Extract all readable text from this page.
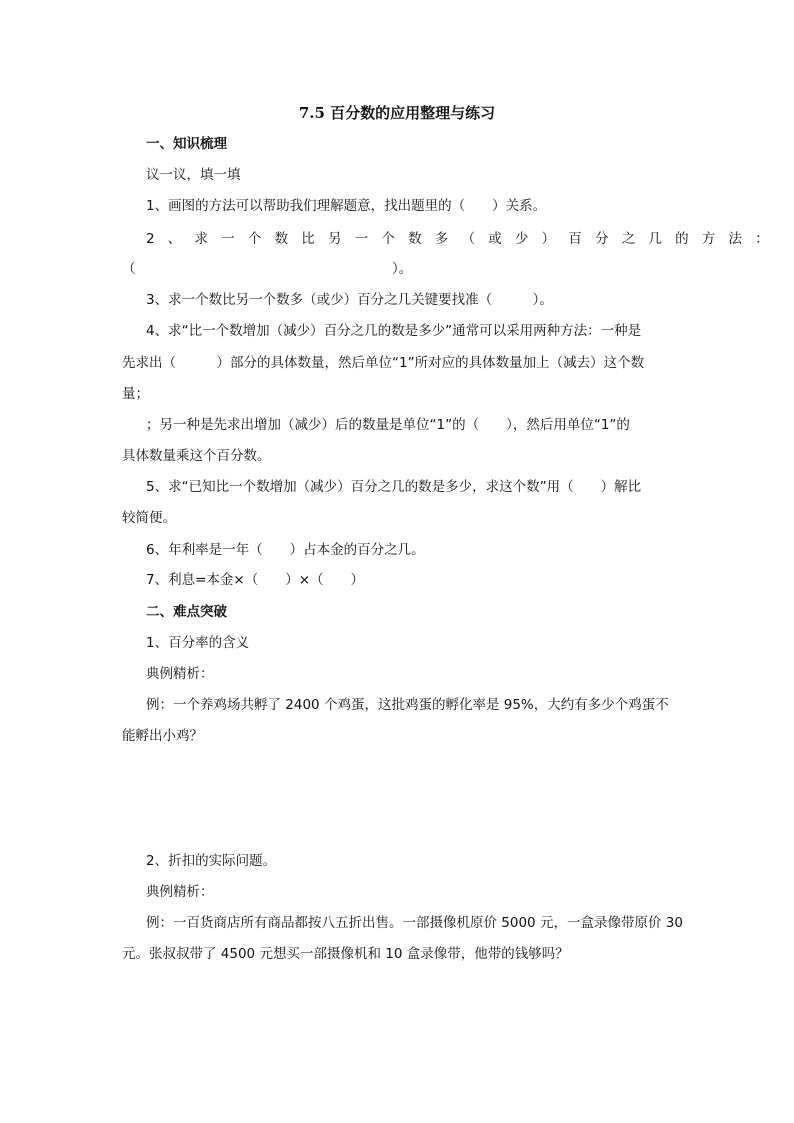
7.5 百分数的应用整理与练习
一、知识梳理
议一议，填一填
1、画图的方法可以帮助我们理解题意，找出题里的（　　）关系。
2、求一个数比另一个数多（或少）百分之几的方法：
（　　　　　　　　　　　　　　　　　　　）。
3、求一个数比另一个数多（或少）百分之几关键要找准（　　　）。
4、求“比一个数增加（减少）百分之几的数是多少”通常可以采用两种方法：一种是
先求出（　　　）部分的具体数量，然后单位“1”所对应的具体数量加上（减去）这个数
量；
；另一种是先求出增加（减少）后的数量是单位“1”的（　　），然后用单位“1”的
具体数量乘这个百分数。
5、求“已知比一个数增加（减少）百分之几的数是多少，求这个数”用（　　）解比
较简便。
6、年利率是一年（　　）占本金的百分之几。
7、利息=本金×（　　）×（　　）
二、难点突破
1、百分率的含义
典例精析：
例：一个养鸡场共孵了 2400 个鸡蛋，这批鸡蛋的孵化率是 95%，大约有多少个鸡蛋不
能孵出小鸡？
2、折扣的实际问题。
典例精析：
例：一百货商店所有商品都按八五折出售。一部摄像机原价 5000 元，一盒录像带原价 30
元。张叔叔带了 4500 元想买一部摄像机和 10 盒录像带，他带的钱够吗？
